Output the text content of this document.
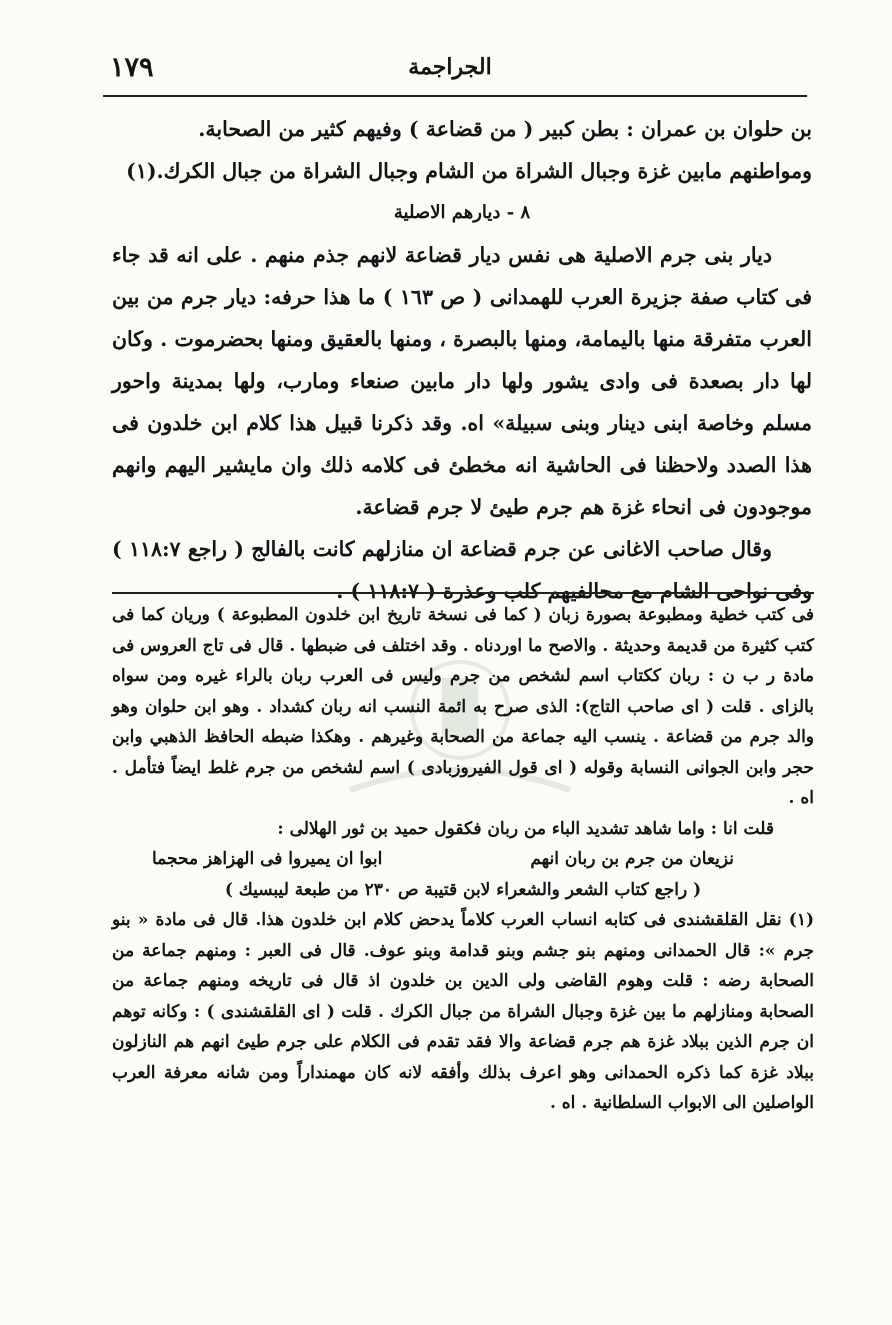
١٧٩	الجراجمة

بن حلوان بن عمران : بطن كبير ( من قضاعة ) وفيهم كثير من الصحابة.

ومواطنهم مابين غزة وجبال الشراة من الشام وجبال الشراة من جبال الكرك.(١)

٨ - ديارهم الاصلية

ديار بنى جرم الاصلية هى نفس ديار قضاعة لانهم جذم منهم . على انه قد جاء فى كتاب صفة جزيرة العرب للهمدانى ( ص ١٦٣ ) ما هذا حرفه: ديار جرم من بين العرب متفرقة منها باليمامة، ومنها بالبصرة ، ومنها بالعقيق ومنها بحضرموت . وكان لها دار بصعدة فى وادى يشور ولها دار مابين صنعاء ومارب، ولها بمدينة واحور مسلم وخاصة ابنى دينار وبنى سبيلة» اه. وقد ذكرنا قبيل هذا كلام ابن خلدون فى هذا الصدد ولاحظنا فى الحاشية انه مخطئ فى كلامه ذلك وان مايشير اليهم وانهم موجودون فى انحاء غزة هم جرم طيئ لا جرم قضاعة.

وقال صاحب الاغانى عن جرم قضاعة ان منازلهم كانت بالفالج ( راجع ١١٨:٧ ) وفى نواحى الشام مع محالفيهم كلب وعذرة ( ١١٨:٧ ) .

فى كتب خطية ومطبوعة بصورة زبان ( كما فى نسخة تاريخ ابن خلدون المطبوعة ) وريان كما فى كتب كثيرة من قديمة وحديثة . والاصح ما اوردناه . وقد اختلف فى ضبطها . قال فى تاج العروس فى مادة ر ب ن : ربان ككتاب اسم لشخص من جرم وليس فى العرب ربان بالراء غيره ومن سواه بالزاى . قلت ( اى صاحب التاج): الذى صرح به ائمة النسب انه ربان كشداد . وهو ابن حلوان وهو والد جرم من قضاعة . ينسب اليه جماعة من الصحابة وغيرهم . وهكذا ضبطه الحافظ الذهبي وابن حجر وابن الجوانى النسابة وقوله ( اى قول الفيروزبادى ) اسم لشخص من جرم غلط ايضاً فتأمل . اه .

قلت انا : واما شاهد تشديد الباء من ربان فكقول حميد بن ثور الهلالى :

نزيعان من جرم بن ربان انهم
ابوا ان يميروا فى الهزاهز محجما

( راجع كتاب الشعر والشعراء لابن قتيبة ص ٢٣٠ من طبعة ليبسيك )

(١) نقل القلقشندى فى كتابه انساب العرب كلاماً يدحض كلام ابن خلدون هذا. قال فى مادة « بنو جرم »: قال الحمدانى ومنهم بنو جشم وبنو قدامة وبنو عوف. قال فى العبر : ومنهم جماعة من الصحابة رضه : قلت وهوم القاضى ولى الدين بن خلدون اذ قال فى تاريخه ومنهم جماعة من الصحابة ومنازلهم ما بين غزة وجبال الشراة من جبال الكرك . قلت ( اى القلقشندى ) : وكانه توهم ان جرم الذين ببلاد غزة هم جرم قضاعة والا فقد تقدم فى الكلام على جرم طيئ انهم هم النازلون ببلاد غزة كما ذكره الحمدانى وهو اعرف بذلك وأفقه لانه كان مهمنداراً ومن شانه معرفة العرب الواصلين الى الابواب السلطانية . اه .
